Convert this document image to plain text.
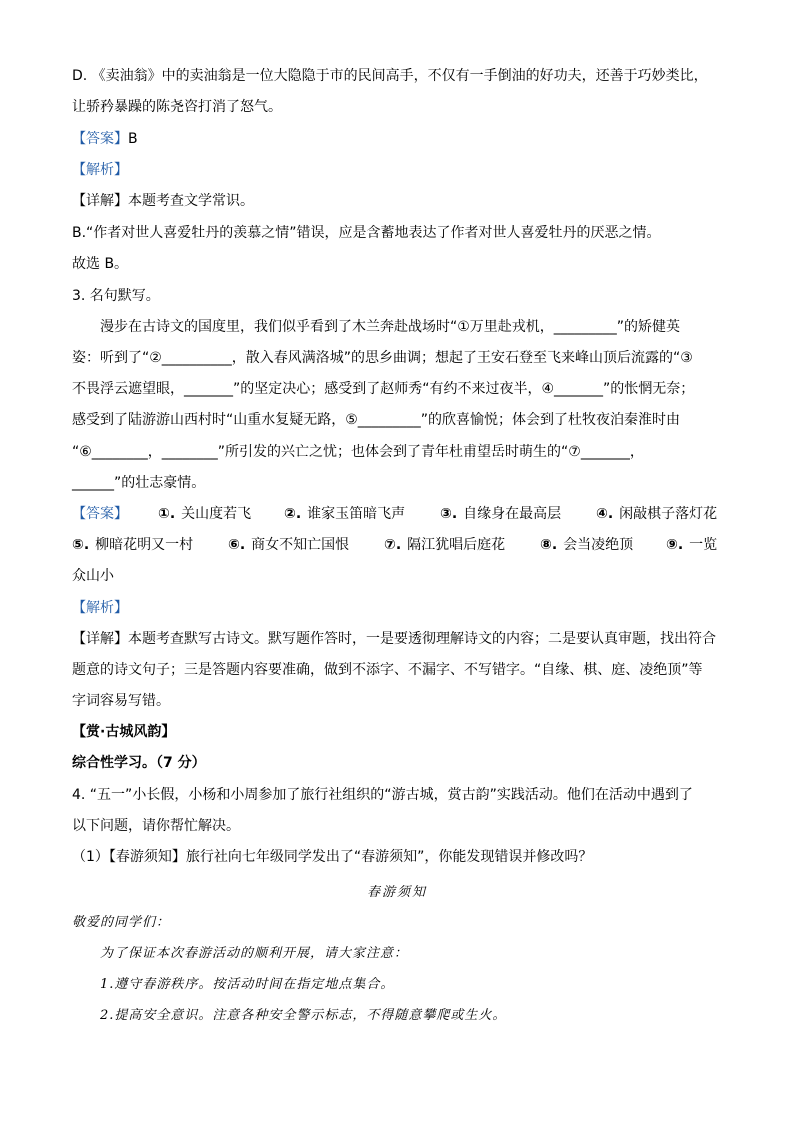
D. 《卖油翁》中的卖油翁是一位大隐隐于市的民间高手，不仅有一手倒油的好功夫，还善于巧妙类比，
让骄矜暴躁的陈尧咨打消了怒气。
【答案】B
【解析】
【详解】本题考查文学常识。
B.“作者对世人喜爱牡丹的羡慕之情”错误，应是含蓄地表达了作者对世人喜爱牡丹的厌恶之情。
故选 B。
3. 名句默写。
漫步在古诗文的国度里，我们似乎看到了木兰奔赴战场时“①万里赴戎机，_________”的矫健英
姿：听到了“②__________，散入春风满洛城”的思乡曲调；想起了王安石登至飞来峰山顶后流露的“③
不畏浮云遮望眼，_______”的坚定决心；感受到了赵师秀“有约不来过夜半，④_______”的怅惘无奈；
感受到了陆游游山西村时“山重水复疑无路，⑤_________”的欣喜愉悦；体会到了杜牧夜泊秦淮时由
“⑥________，________”所引发的兴亡之忧；也体会到了青年杜甫望岳时萌生的“⑦_______，
______”的壮志豪情。
【答案】 ①. 关山度若飞 ②. 谁家玉笛暗飞声 ③. 自缘身在最高层 ④. 闲敲棋子落灯花
⑤. 柳暗花明又一村 ⑥. 商女不知亡国恨 ⑦. 隔江犹唱后庭花 ⑧. 会当凌绝顶 ⑨. 一览
众山小
【解析】
【详解】本题考查默写古诗文。默写题作答时，一是要透彻理解诗文的内容；二是要认真审题，找出符合
题意的诗文句子；三是答题内容要准确，做到不添字、不漏字、不写错字。“自缘、棋、庭、凌绝顶”等
字词容易写错。
【赏·古城风韵】
综合性学习。（7 分）
4. “五一”小长假，小杨和小周参加了旅行社组织的“游古城，赏古韵”实践活动。他们在活动中遇到了
以下问题，请你帮忙解决。
（1）【春游须知】旅行社向七年级同学发出了“春游须知”，你能发现错误并修改吗？
春游须知
敬爱的同学们：
为了保证本次春游活动的顺利开展，请大家注意：
1.遵守春游秩序。按活动时间在指定地点集合。
2.提高安全意识。注意各种安全警示标志，不得随意攀爬或生火。
